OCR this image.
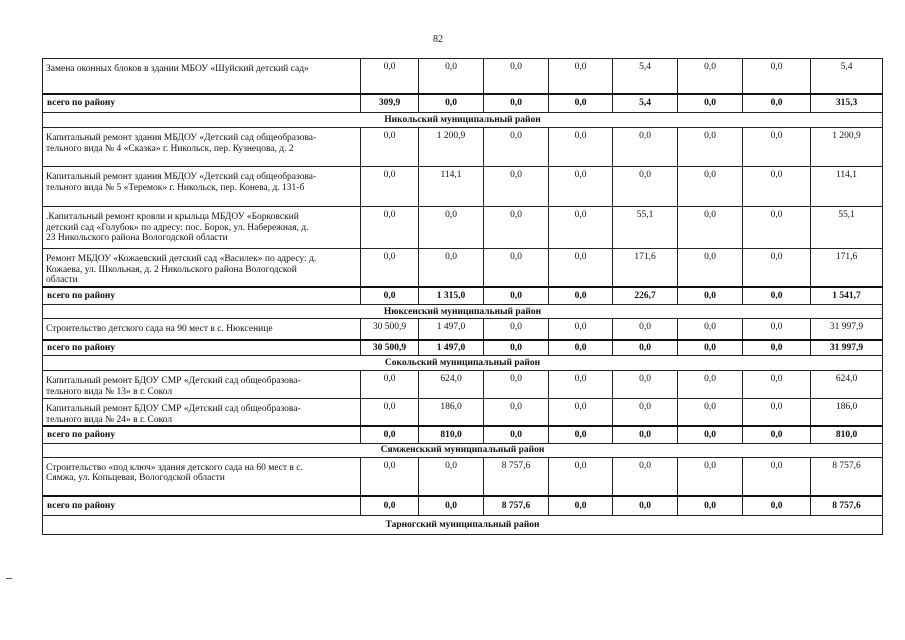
82
Замена оконных блоков в здании МБОУ «Шуйский детский сад»	0,0	0,0	0,0	0,0	5,4	0,0	0,0	5,4
всего по району	309,9	0,0	0,0	0,0	5,4	0,0	0,0	315,3
Никольский муниципальный район								
Капитальный ремонт здания МБДОУ «Детский сад общеобразова-
тельного вида № 4 «Сказка» г. Никольск, пер. Кузнецова, д. 2	0,0	1 200,9	0,0	0,0	0,0	0,0	0,0	1 200,9
Капитальный ремонт здания МБДОУ «Детский сад общеобразова-
тельного вида № 5 «Теремок» г. Никольск, пер. Конева, д. 131-б	0,0	114,1	0,0	0,0	0,0	0,0	0,0	114,1
.Капитальный ремонт кровли и крыльца МБДОУ «Борковский
детский сад «Голубок» по адресу: пос. Борок, ул. Набережная, д.
23 Никольского района Вологодской области	0,0	0,0	0,0	0,0	55,1	0,0	0,0	55,1
Ремонт МБДОУ «Кожаевский детский сад «Василек» по адресу: д.
Кожаева, ул. Школьная, д. 2 Никольского района Вологодской
области	0,0	0,0	0,0	0,0	171,6	0,0	0,0	171,6
всего по району	0,0	1 315,0	0,0	0,0	226,7	0,0	0,0	1 541,7
Нюксенский муниципальный район								
Строительство детского сада на 90 мест в с. Нюксенице	30 500,9	1 497,0	0,0	0,0	0,0	0,0	0,0	31 997,9
всего по району	30 500,9	1 497,0	0,0	0,0	0,0	0,0	0,0	31 997,9
Сокольский муниципальный район								
Капитальный ремонт БДОУ СМР «Детский сад общеобразова-
тельного вида № 13» в г. Сокол	0,0	624,0	0,0	0,0	0,0	0,0	0,0	624,0
Капитальный ремонт БДОУ СМР «Детский сад общеобразова-
тельного вида № 24» в г. Сокол	0,0	186,0	0,0	0,0	0,0	0,0	0,0	186,0
всего по району	0,0	810,0	0,0	0,0	0,0	0,0	0,0	810,0
Сямженсккий муниципальный район								
Строительство «под ключ» здания детского сада на 60 мест в с.
Сямжа, ул. Копьцевая, Вологодской области	0,0	0,0	8 757,6	0,0	0,0	0,0	0,0	8 757,6
всего по району	0,0	0,0	8 757,6	0,0	0,0	0,0	0,0	8 757,6
Тарногский муниципальный район								
